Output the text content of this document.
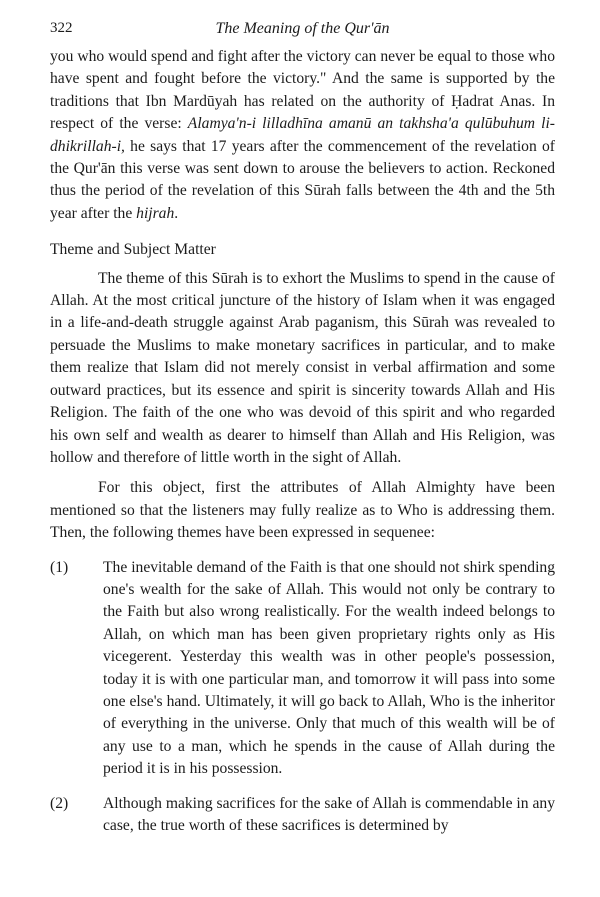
322	The Meaning of the Qur'ān

you who would spend and fight after the victory can never be equal to those who have spent and fought before the victory." And the same is supported by the traditions that Ibn Mardūyah has related on the authority of Ḥadrat Anas. In respect of the verse: Alamya'n-i lilladhīna amanū an takhsha'a qulūbuhum li-dhikrillah-i, he says that 17 years after the commencement of the revelation of the Qur'ān this verse was sent down to arouse the believers to action. Reckoned thus the period of the revelation of this Sūrah falls between the 4th and the 5th year after the hijrah.

Theme and Subject Matter

The theme of this Sūrah is to exhort the Muslims to spend in the cause of Allah. At the most critical juncture of the history of Islam when it was engaged in a life-and-death struggle against Arab paganism, this Sūrah was revealed to persuade the Muslims to make monetary sacrifices in particular, and to make them realize that Islam did not merely consist in verbal affirmation and some outward practices, but its essence and spirit is sincerity towards Allah and His Religion. The faith of the one who was devoid of this spirit and who regarded his own self and wealth as dearer to himself than Allah and His Religion, was hollow and therefore of little worth in the sight of Allah.

For this object, first the attributes of Allah Almighty have been mentioned so that the listeners may fully realize as to Who is addressing them. Then, the following themes have been expressed in sequenee:

(1)	The inevitable demand of the Faith is that one should not shirk spending one's wealth for the sake of Allah. This would not only be contrary to the Faith but also wrong realistically. For the wealth indeed belongs to Allah, on which man has been given proprietary rights only as His vicegerent. Yesterday this wealth was in other people's possession, today it is with one particular man, and tomorrow it will pass into some one else's hand. Ultimately, it will go back to Allah, Who is the inheritor of everything in the universe. Only that much of this wealth will be of any use to a man, which he spends in the cause of Allah during the period it is in his possession.
(2)	Although making sacrifices for the sake of Allah is commendable in any case, the true worth of these sacrifices is determined by
